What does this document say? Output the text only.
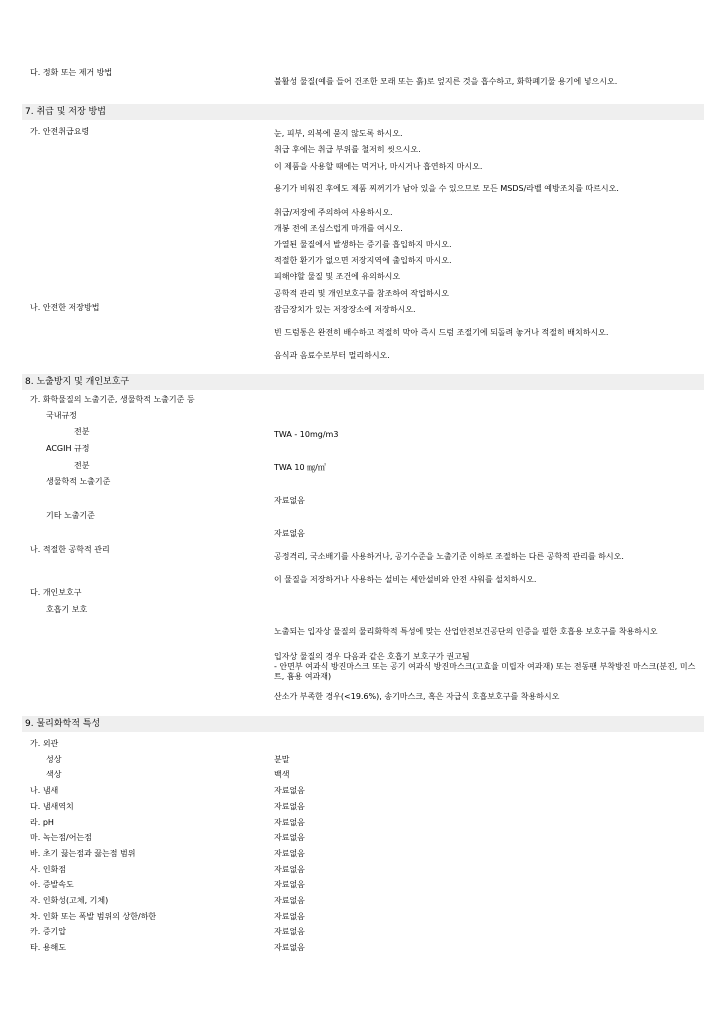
다. 정화 또는 제거 방법
불활성 물질(예를 들어 건조한 모래 또는 흙)로 엎지른 것을 흡수하고, 화학폐기물 용기에 넣으시오.
7. 취급 및 저장 방법
가. 안전취급요령	눈, 피부, 의복에 묻지 않도록 하시오.
취급 후에는 취급 부위를 철저히 씻으시오.
이 제품을 사용할 때에는 먹거나, 마시거나 흡연하지 마시오.
용기가 비워진 후에도 제품 찌꺼기가 남아 있을 수 있으므로 모든 MSDS/라벨 예방조치를 따르시오.
취급/저장에 주의하여 사용하시오.
개봉 전에 조심스럽게 마개를 여시오.
가열된 물질에서 발생하는 증기를 흡입하지 마시오.
적절한 환기가 없으면 저장지역에 출입하지 마시오.
피해야할 물질 및 조건에 유의하시오
공학적 관리 및 개인보호구를 참조하여 작업하시오
나. 안전한 저장방법	잠금장치가 있는 저장장소에 저장하시오.
빈 드럼통은 완전히 배수하고 적절히 막아 즉시 드럼 조절기에 되돌려 놓거나 적절히 배치하시오.
음식과 음료수로부터 멀리하시오.
8. 노출방지 및 개인보호구
가. 화학물질의 노출기준, 생물학적 노출기준 등
국내규정
전분	TWA - 10mg/m3
ACGIH 규정
전분	TWA 10 ㎎/㎥
생물학적 노출기준
자료없음
기타 노출기준
자료없음
나. 적절한 공학적 관리
공정격리, 국소배기를 사용하거나, 공기수준을 노출기준 이하로 조절하는 다른 공학적 관리를 하시오.
이 물질을 저장하거나 사용하는 설비는 세안설비와 안전 샤워를 설치하시오.
다. 개인보호구
호흡기 보호
노출되는 입자상 물질의 물리화학적 특성에 맞는 산업안전보건공단의 인증을 필한 호흡용 보호구를 착용하시오
입자상 물질의 경우 다음과 같은 호흡기 보호구가 권고됨
- 안면부 여과식 방진마스크 또는 공기 여과식 방진마스크(고효율 미립자 여과재) 또는 전동팬 부착방진 마스크(분진, 미스트, 흄용 여과재)
산소가 부족한 경우(<19.6%), 송기마스크, 혹은 자급식 호흡보호구를 착용하시오
9. 물리화학적 특성
가. 외관
성상	분말
색상	백색
나. 냄새	자료없음
다. 냄새역치	자료없음
라. pH	자료없음
마. 녹는점/어는점	자료없음
바. 초기 끓는점과 끓는점 범위	자료없음
사. 인화점	자료없음
아. 증발속도	자료없음
자. 인화성(고체, 기체)	자료없음
차. 인화 또는 폭발 범위의 상한/하한	자료없음
카. 증기압	자료없음
타. 용해도	자료없음
